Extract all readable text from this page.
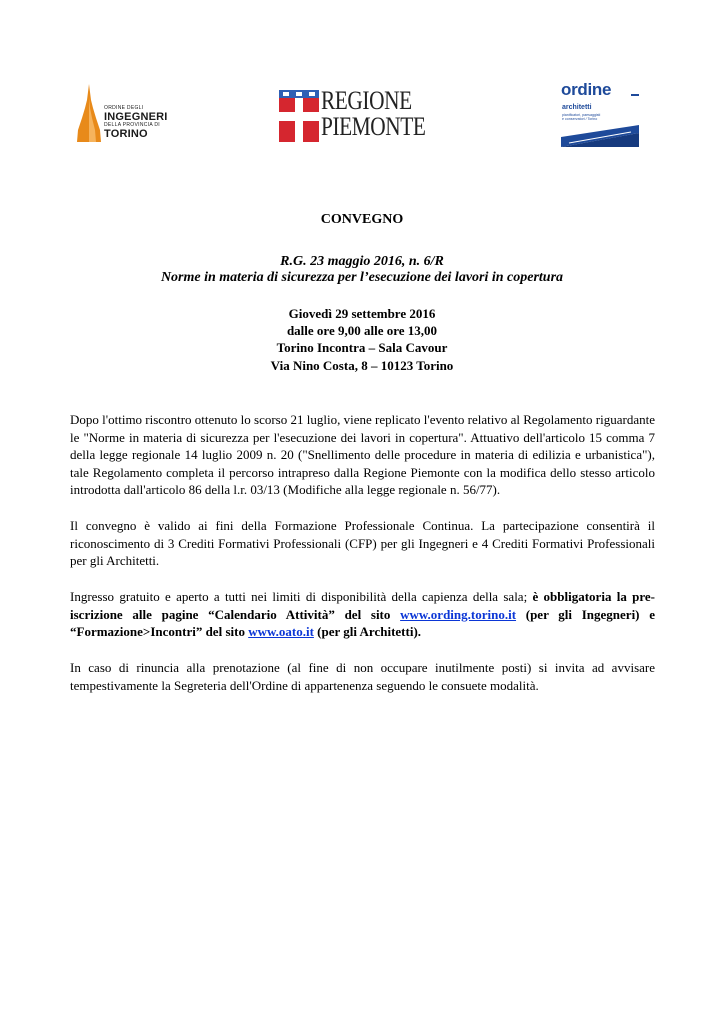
ORDINE DEGLI
INGEGNERI
DELLA PROVINCIA DI
TORINO
REGIONE
PIEMONTE
ordine
architetti
pianificatori, paesaggisti
e conservatori / Torino
CONVEGNO
R.G. 23 maggio 2016, n. 6/R
Norme in materia di sicurezza per l’esecuzione dei lavori in copertura
Giovedì 29 settembre 2016
dalle ore 9,00 alle ore 13,00
Torino Incontra – Sala Cavour
Via Nino Costa, 8 – 10123 Torino

Dopo l'ottimo riscontro ottenuto lo scorso 21 luglio, viene replicato l'evento relativo al Regolamento riguardante le "Norme in materia di sicurezza per l'esecuzione dei lavori in copertura". Attuativo dell'articolo 15 comma 7 della legge regionale 14 luglio 2009 n. 20 ("Snellimento delle procedure in materia di edilizia e urbanistica"), tale Regolamento completa il percorso intrapreso dalla Regione Piemonte con la modifica dello stesso articolo introdotta dall'articolo 86 della l.r. 03/13 (Modifiche alla legge regionale n. 56/77).

Il convegno è valido ai fini della Formazione Professionale Continua. La partecipazione consentirà il riconoscimento di 3 Crediti Formativi Professionali (CFP) per gli Ingegneri e 4 Crediti Formativi Professionali per gli Architetti.

Ingresso gratuito e aperto a tutti nei limiti di disponibilità della capienza della sala; è obbligatoria la pre-iscrizione alle pagine “Calendario Attività” del sito www.ording.torino.it (per gli Ingegneri) e “Formazione>Incontri” del sito www.oato.it (per gli Architetti).

In caso di rinuncia alla prenotazione (al fine di non occupare inutilmente posti) si invita ad avvisare tempestivamente la Segreteria dell'Ordine di appartenenza seguendo le consuete modalità.
